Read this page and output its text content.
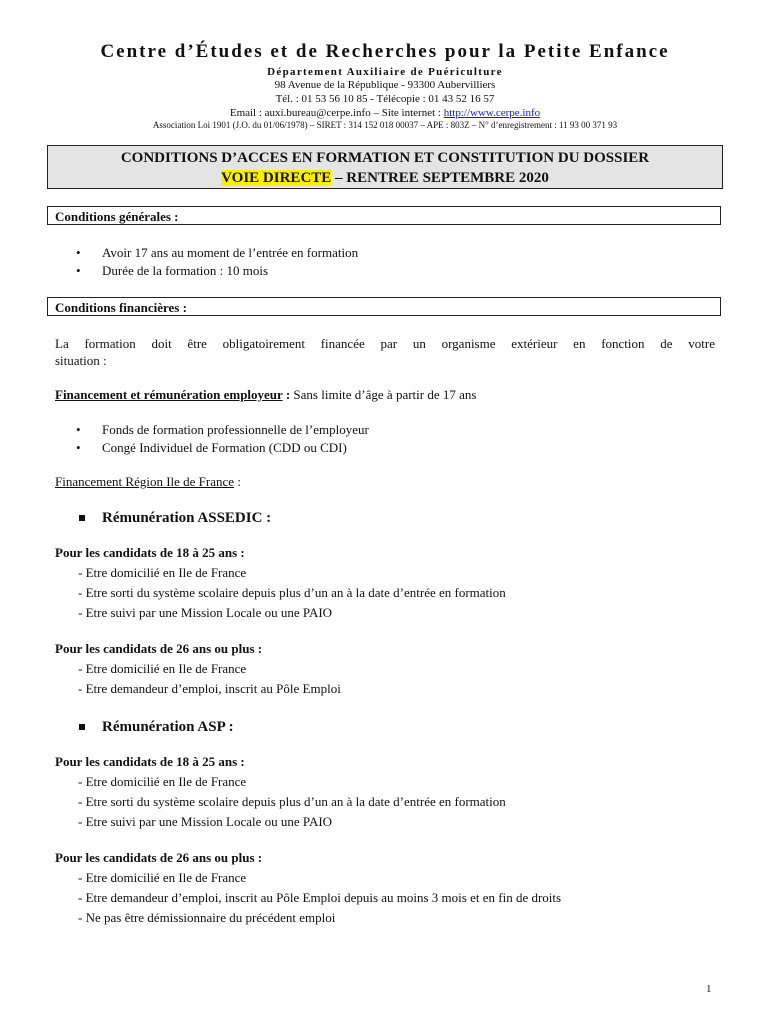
Centre d’Études et de Recherches pour la Petite Enfance
Département Auxiliaire de Puériculture
98 Avenue de la République - 93300 Aubervilliers
Tél. : 01 53 56 10 85 - Télécopie : 01 43 52 16 57
Email : auxi.bureau@cerpe.info – Site internet : http://www.cerpe.info
Association Loi 1901 (J.O. du 01/06/1978) – SIRET : 314 152 018 00037 – APE : 803Z – N° d’enregistrement : 11 93 00 371 93
CONDITIONS D’ACCES EN FORMATION ET CONSTITUTION DU DOSSIER
VOIE DIRECTE – RENTREE SEPTEMBRE 2020
Conditions générales :
• Avoir 17 ans au moment de l’entrée en formation
• Durée de la formation : 10 mois
Conditions financières :
La formation doit être obligatoirement financée par un organisme extérieur en fonction de votre
situation :
Financement et rémunération employeur : Sans limite d’âge à partir de 17 ans
• Fonds de formation professionnelle de l’employeur
• Congé Individuel de Formation (CDD ou CDI)
Financement Région Ile de France :
Rémunération ASSEDIC :
Pour les candidats de 18 à 25 ans :
- Etre domicilié en Ile de France
- Etre sorti du système scolaire depuis plus d’un an à la date d’entrée en formation
- Etre suivi par une Mission Locale ou une PAIO
Pour les candidats de 26 ans ou plus :
- Etre domicilié en Ile de France
- Etre demandeur d’emploi, inscrit au Pôle Emploi
Rémunération ASP :
Pour les candidats de 18 à 25 ans :
- Etre domicilié en Ile de France
- Etre sorti du système scolaire depuis plus d’un an à la date d’entrée en formation
- Etre suivi par une Mission Locale ou une PAIO
Pour les candidats de 26 ans ou plus :
- Etre domicilié en Ile de France
- Etre demandeur d’emploi, inscrit au Pôle Emploi depuis au moins 3 mois et en fin de droits
- Ne pas être démissionnaire du précédent emploi
1
